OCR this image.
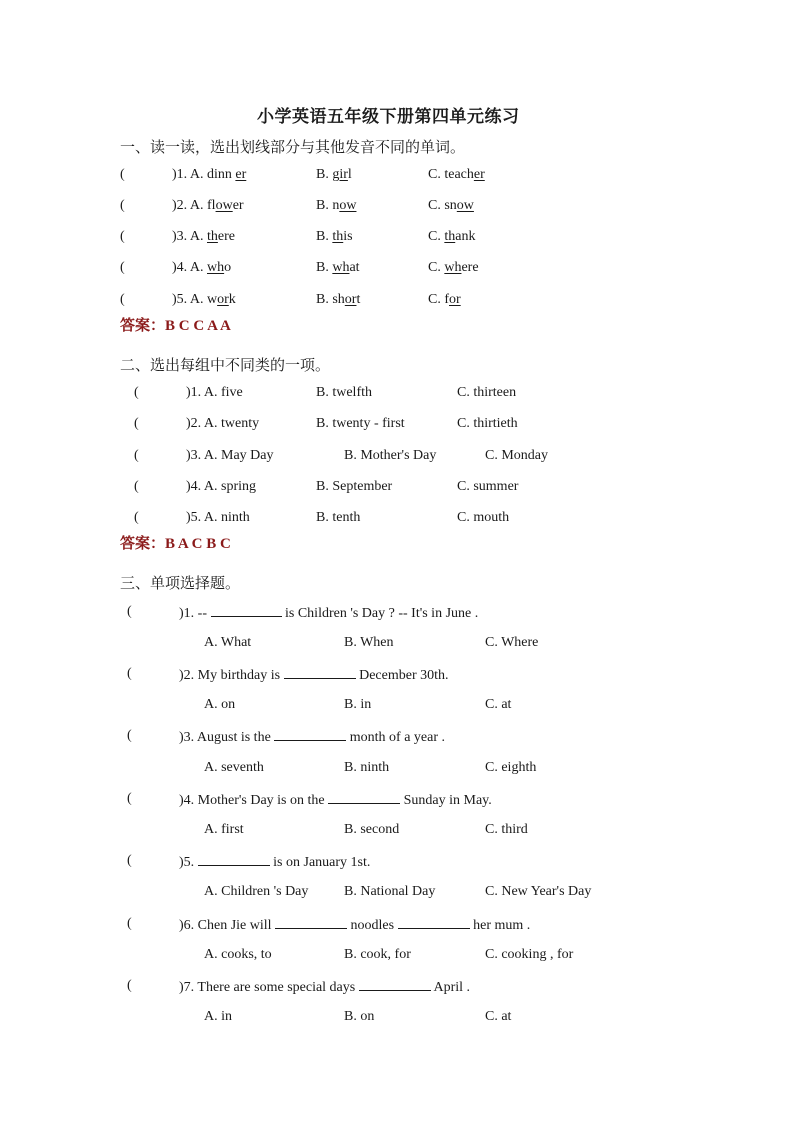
小学英语五年级下册第四单元练习
一、读一读，选出划线部分与其他发音不同的单词。
(	)1. A. dinn er	B. girl	C. teacher
(	)2. A. flower	B. now	C. snow
(	)3. A. there	B. this	C. thank
(	)4. A. who	B. what	C. where
(	)5. A. work	B. short	C. for
答案：B C C A A
二、选出每组中不同类的一项。
(	)1. A. five	B. twelfth	C. thirteen
(	)2. A. twenty	B. twenty - first	C. thirtieth
(	)3. A. May Day	B. Mother's Day	C. Monday
(	)4. A. spring	B. September	C. summer
(	)5. A. ninth	B. tenth	C. mouth
答案：B A C B C
三、单项选择题。
(	)1. --	is Children 's Day ? -- It's in June .
A. What	B. When	C. Where
(	)2. My birthday is	December 30th.
A. on	B. in	C. at
(	)3. August is the	month of a year .
A. seventh	B. ninth	C. eighth
(	)4. Mother's Day is on the	Sunday in May.
A. first	B. second	C. third
(	)5.	is on January 1st.
A. Children 's Day	B. National Day	C. New Year's Day
(	)6. Chen Jie will	noodles	her mum .
A. cooks, to	B. cook, for	C. cooking , for
(	)7. There are some special days	April .
A. in	B. on	C. at
